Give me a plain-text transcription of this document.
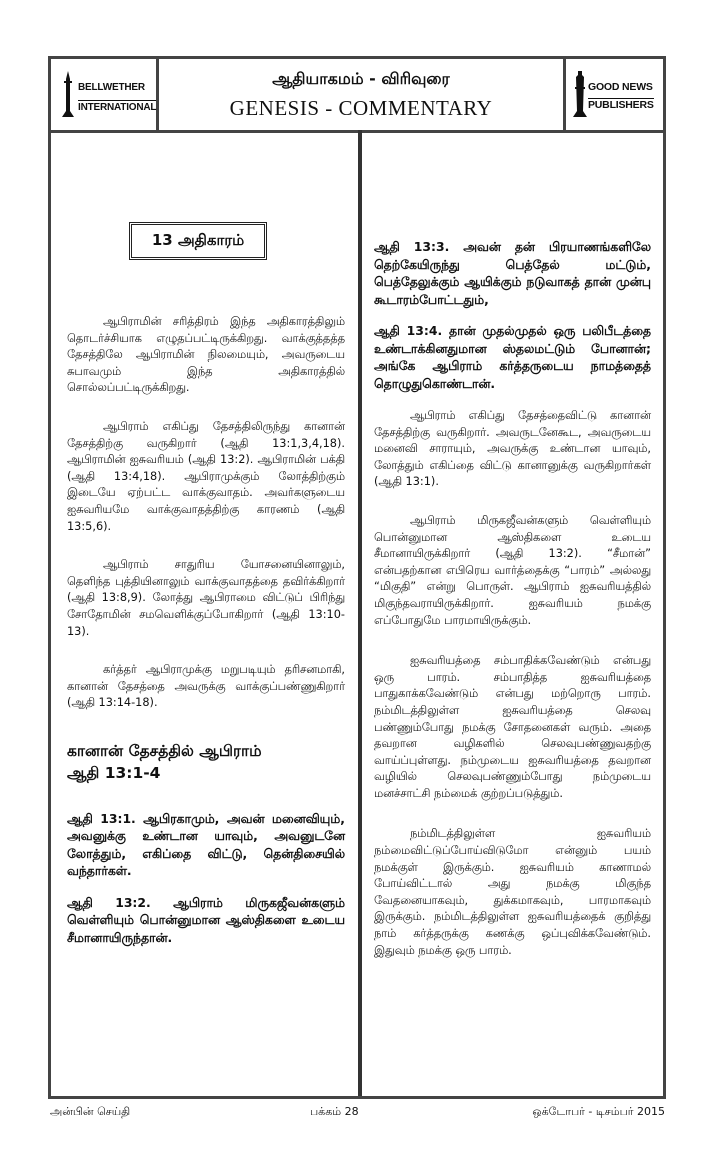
BELLWETHER
INTERNATIONAL
ஆதியாகமம் - விரிவுரை
GENESIS - COMMENTARY
GOOD NEWS
PUBLISHERS
13 அதிகாரம்

ஆபிராமின் சரித்திரம் இந்த அதிகாரத்திலும் தொடர்ச்சியாக எழுதப்பட்டிருக்கிறது. வாக்குத்தத்த தேசத்திலே ஆபிராமின் நிலமையும், அவருடைய சுபாவமும் இந்த அதிகாரத்தில் சொல்லப்பட்டிருக்கிறது.

ஆபிராம் எகிப்து தேசத்திலிருந்து கானான் தேசத்திற்கு வருகிறார் (ஆதி 13:1,3,4,18). ஆபிராமின் ஐசுவரியம் (ஆதி 13:2). ஆபிராமின் பக்தி (ஆதி 13:4,18). ஆபிராமுக்கும் லோத்திற்கும் இடையே ஏற்பட்ட வாக்குவாதம். அவர்களுடைய ஐசுவரியமே வாக்குவாதத்திற்கு காரணம் (ஆதி 13:5,6).

ஆபிராம் சாதுரிய யோசனையினாலும், தெளிந்த புத்தியினாலும் வாக்குவாதத்தை தவிர்க்கிறார் (ஆதி 13:8,9). லோத்து ஆபிராமை விட்டுப் பிரிந்து சோதோமின் சமவெளிக்குப்போகிறார் (ஆதி 13:10-13).

கர்த்தர் ஆபிராமுக்கு மறுபடியும் தரிசனமாகி, கானான் தேசத்தை அவருக்கு வாக்குப்பண்ணுகிறார் (ஆதி 13:14-18).

கானான் தேசத்தில் ஆபிராம்

ஆதி 13:1-4

ஆதி 13:1. ஆபிரகாமும், அவன் மனைவியும், அவனுக்கு உண்டான யாவும், அவனுடனே லோத்தும், எகிப்தை விட்டு, தென்திசையில் வந்தார்கள்.

ஆதி 13:2. ஆபிராம் மிருகஜீவன்களும் வெள்ளியும் பொன்னுமான ஆஸ்திகளை உடைய சீமானாயிருந்தான்.

ஆதி 13:3. அவன் தன் பிரயாணங்களிலே தெற்கேயிருந்து பெத்தேல் மட்டும், பெத்தேலுக்கும் ஆயிக்கும் நடுவாகத் தான் முன்பு கூடாரம்போட்டதும்,

ஆதி 13:4. தான் முதல்முதல் ஒரு பலிபீடத்தை உண்டாக்கினதுமான ஸ்தலமட்டும் போனான்; அங்கே ஆபிராம் கர்த்தருடைய நாமத்தைத் தொழுதுகொண்டான்.

ஆபிராம் எகிப்து தேசத்தைவிட்டு கானான் தேசத்திற்கு வருகிறார். அவருடனேகூட, அவருடைய மனைவி சாராயும், அவருக்கு உண்டான யாவும், லோத்தும் எகிப்தை விட்டு கானானுக்கு வருகிறார்கள் (ஆதி 13:1).

ஆபிராம் மிருகஜீவன்களும் வெள்ளியும் பொன்னுமான ஆஸ்திகளை உடைய சீமானாயிருக்கிறார் (ஆதி 13:2). “சீமான்” என்பதற்கான எபிரெய வார்த்தைக்கு “பாரம்” அல்லது “மிகுதி” என்று பொருள். ஆபிராம் ஐசுவரியத்தில் மிகுந்தவராயிருக்கிறார். ஐசுவரியம் நமக்கு எப்போதுமே பாரமாயிருக்கும்.

ஐசுவரியத்தை சம்பாதிக்கவேண்டும் என்பது ஒரு பாரம். சம்பாதித்த ஐசுவரியத்தை பாதுகாக்கவேண்டும் என்பது மற்றொரு பாரம். நம்மிடத்திலுள்ள ஐசுவரியத்தை செலவு பண்ணும்போது நமக்கு சோதனைகள் வரும். அதை தவறான வழிகளில் செலவுபண்ணுவதற்கு வாய்ப்புள்ளது. நம்முடைய ஐசுவரியத்தை தவறான வழியில் செலவுபண்ணும்போது நம்முடைய மனச்சாட்சி நம்மைக் குற்றப்படுத்தும்.

நம்மிடத்திலுள்ள ஐசுவரியம் நம்மைவிட்டுப்போய்விடுமோ என்னும் பயம் நமக்குள் இருக்கும். ஐசுவரியம் காணாமல் போய்விட்டால் அது நமக்கு மிகுந்த வேதனையாகவும், துக்கமாகவும், பாரமாகவும் இருக்கும். நம்மிடத்திலுள்ள ஐசுவரியத்தைக் குறித்து நாம் கர்த்தருக்கு கணக்கு ஒப்புவிக்கவேண்டும். இதுவும் நமக்கு ஒரு பாரம்.

அன்பின் செய்தி	பக்கம் 28	ஒக்டோபர் - டிசம்பர் 2015
